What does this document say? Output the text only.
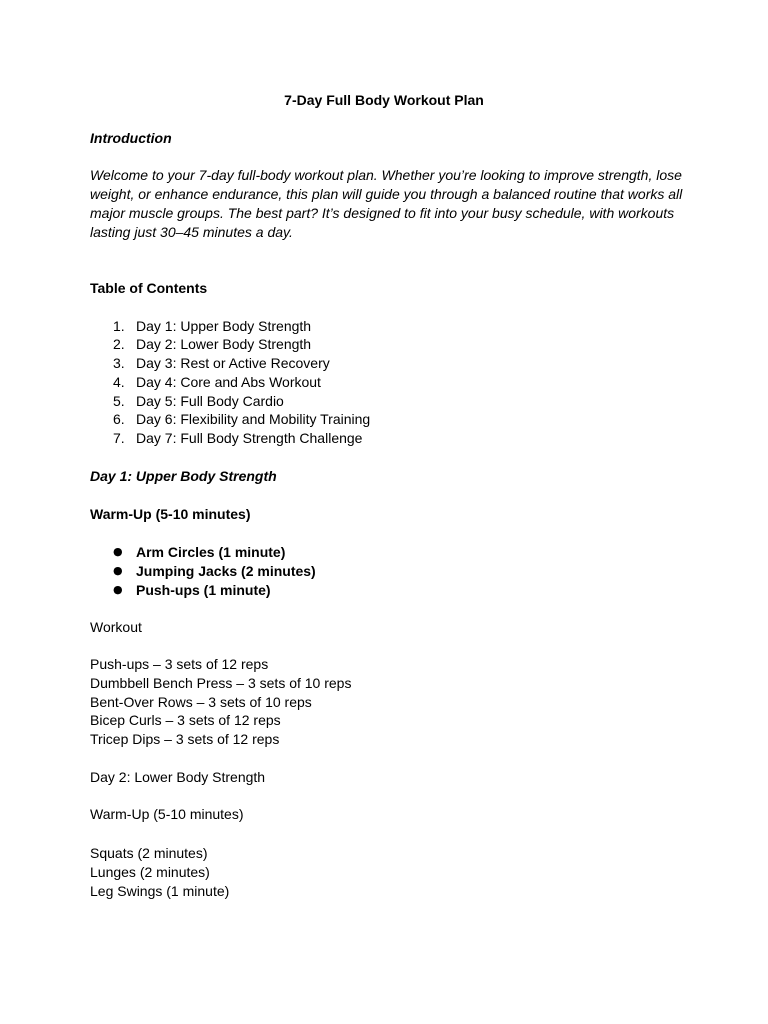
7-Day Full Body Workout Plan
Introduction
Welcome to your 7-day full-body workout plan. Whether you’re looking to improve strength, lose weight, or enhance endurance, this plan will guide you through a balanced routine that works all major muscle groups. The best part? It’s designed to fit into your busy schedule, with workouts lasting just 30–45 minutes a day.
Table of Contents
1. Day 1: Upper Body Strength
2. Day 2: Lower Body Strength
3. Day 3: Rest or Active Recovery
4. Day 4: Core and Abs Workout
5. Day 5: Full Body Cardio
6. Day 6: Flexibility and Mobility Training
7. Day 7: Full Body Strength Challenge
Day 1: Upper Body Strength
Warm-Up (5-10 minutes)
● Arm Circles (1 minute)
● Jumping Jacks (2 minutes)
● Push-ups (1 minute)
Workout
Push-ups – 3 sets of 12 reps
Dumbbell Bench Press – 3 sets of 10 reps
Bent-Over Rows – 3 sets of 10 reps
Bicep Curls – 3 sets of 12 reps
Tricep Dips – 3 sets of 12 reps
Day 2: Lower Body Strength
Warm-Up (5-10 minutes)
Squats (2 minutes)
Lunges (2 minutes)
Leg Swings (1 minute)
